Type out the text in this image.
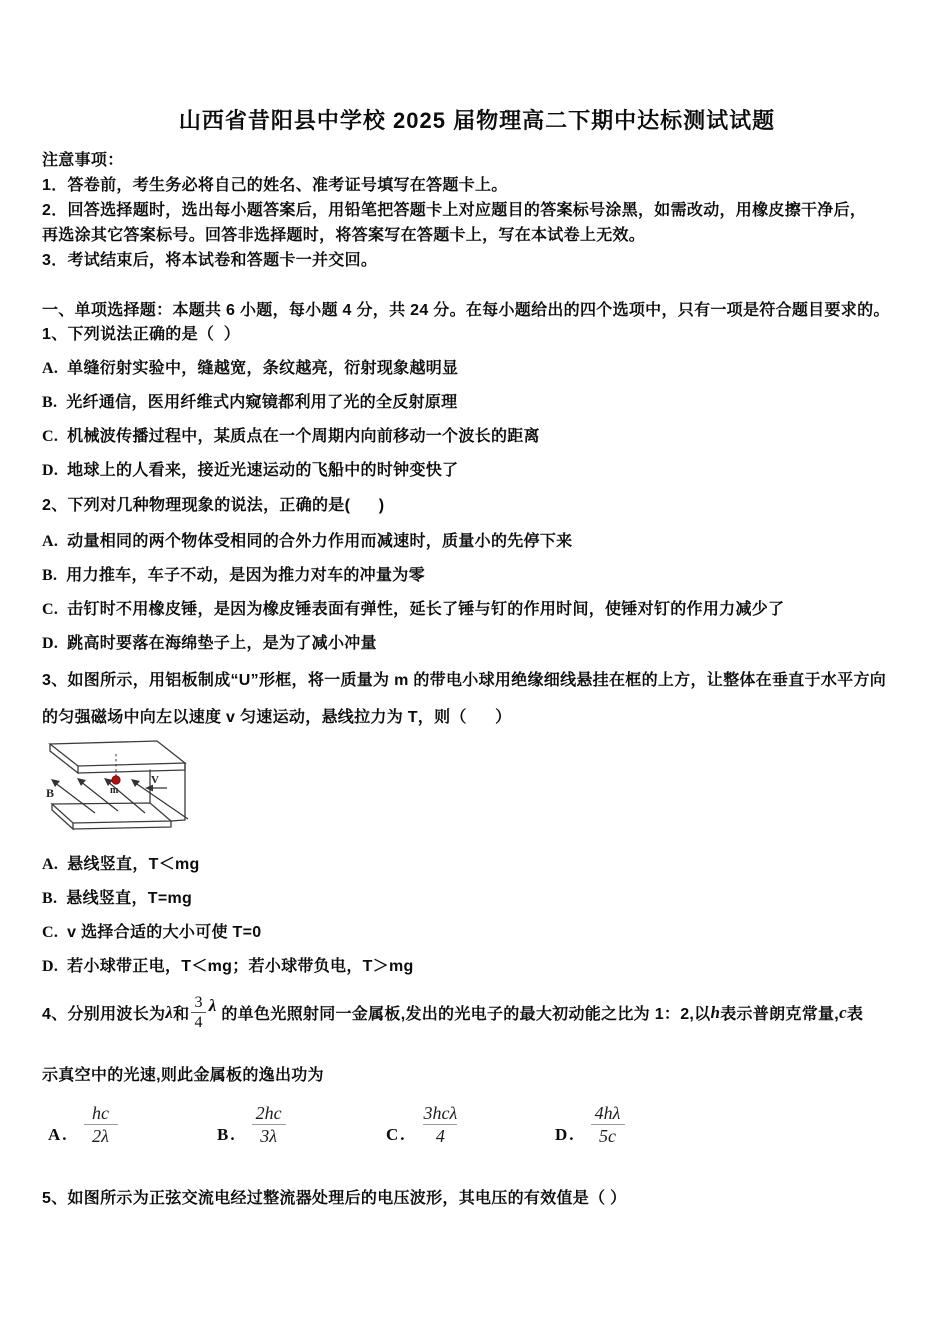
山西省昔阳县中学校 2025 届物理高二下期中达标测试试题

注意事项：

1．答卷前，考生务必将自己的姓名、准考证号填写在答题卡上。

2．回答选择题时，选出每小题答案后，用铅笔把答题卡上对应题目的答案标号涂黑，如需改动，用橡皮擦干净后，

再选涂其它答案标号。回答非选择题时，将答案写在答题卡上，写在本试卷上无效。

3．考试结束后，将本试卷和答题卡一并交回。

一、单项选择题：本题共 6 小题，每小题 4 分，共 24 分。在每小题给出的四个选项中，只有一项是符合题目要求的。

1、下列说法正确的是（  ）

A. 单缝衍射实验中，缝越宽，条纹越亮，衍射现象越明显

B. 光纤通信，医用纤维式内窥镜都利用了光的全反射原理

C. 机械波传播过程中，某质点在一个周期内向前移动一个波长的距离

D. 地球上的人看来，接近光速运动的飞船中的时钟变快了

2、下列对几种物理现象的说法，正确的是(      )

A. 动量相同的两个物体受相同的合外力作用而减速时，质量小的先停下来

B. 用力推车，车子不动，是因为推力对车的冲量为零

C. 击钉时不用橡皮锤，是因为橡皮锤表面有弹性，延长了锤与钉的作用时间，使锤对钉的作用力减少了

D. 跳高时要落在海绵垫子上，是为了减小冲量

3、如图所示，用铝板制成“U”形框，将一质量为 m 的带电小球用绝缘细线悬挂在框的上方，让整体在垂直于水平方向

的匀强磁场中向左以速度 v 匀速运动，悬线拉力为 T，则（      ）

B	m
V

A. 悬线竖直，T＜mg

B. 悬线竖直，T=mg

C. v 选择合适的大小可使 T=0

D. 若小球带正电，T＜mg；若小球带负电，T＞mg

4、分别用波长为 λ 和 $\frac{3}{4}$ λ 的单色光照射同一金属板,发出的光电子的最大初动能之比为 1：2,以 h 表示普朗克常量, c 表

示真空中的光速,则此金属板的逸出功为

A. $\frac{hc}{2\lambda}$	B. $\frac{2hc}{3\lambda}$	C. $\frac{\text{3hcλ}}{4}$	D. $\frac{4h\lambda}{5c}$

5、如图所示为正弦交流电经过整流器处理后的电压波形，其电压的有效值是（ ）
